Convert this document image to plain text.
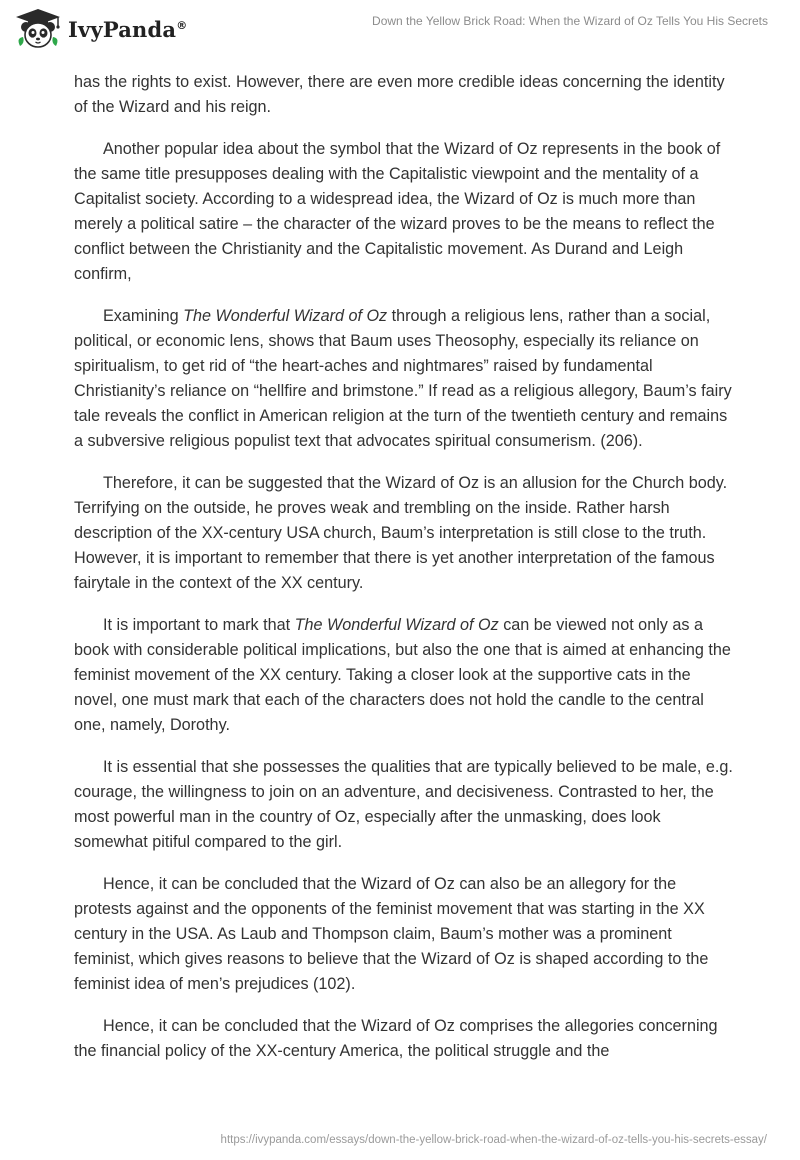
IvyPanda®	Down the Yellow Brick Road: When the Wizard of Oz Tells You His Secrets

has the rights to exist. However, there are even more credible ideas concerning the identity of the Wizard and his reign.

Another popular idea about the symbol that the Wizard of Oz represents in the book of the same title presupposes dealing with the Capitalistic viewpoint and the mentality of a Capitalist society. According to a widespread idea, the Wizard of Oz is much more than merely a political satire – the character of the wizard proves to be the means to reflect the conflict between the Christianity and the Capitalistic movement. As Durand and Leigh confirm,

Examining The Wonderful Wizard of Oz through a religious lens, rather than a social, political, or economic lens, shows that Baum uses Theosophy, especially its reliance on spiritualism, to get rid of “the heart-aches and nightmares” raised by fundamental Christianity’s reliance on “hellfire and brimstone.” If read as a religious allegory, Baum’s fairy tale reveals the conflict in American religion at the turn of the twentieth century and remains a subversive religious populist text that advocates spiritual consumerism. (206).

Therefore, it can be suggested that the Wizard of Oz is an allusion for the Church body. Terrifying on the outside, he proves weak and trembling on the inside. Rather harsh description of the XX-century USA church, Baum’s interpretation is still close to the truth. However, it is important to remember that there is yet another interpretation of the famous fairytale in the context of the XX century.

It is important to mark that The Wonderful Wizard of Oz can be viewed not only as a book with considerable political implications, but also the one that is aimed at enhancing the feminist movement of the XX century. Taking a closer look at the supportive cats in the novel, one must mark that each of the characters does not hold the candle to the central one, namely, Dorothy.

It is essential that she possesses the qualities that are typically believed to be male, e.g. courage, the willingness to join on an adventure, and decisiveness. Contrasted to her, the most powerful man in the country of Oz, especially after the unmasking, does look somewhat pitiful compared to the girl.

Hence, it can be concluded that the Wizard of Oz can also be an allegory for the protests against and the opponents of the feminist movement that was starting in the XX century in the USA. As Laub and Thompson claim, Baum’s mother was a prominent feminist, which gives reasons to believe that the Wizard of Oz is shaped according to the feminist idea of men’s prejudices (102).

Hence, it can be concluded that the Wizard of Oz comprises the allegories concerning the financial policy of the XX-century America, the political struggle and the

https://ivypanda.com/essays/down-the-yellow-brick-road-when-the-wizard-of-oz-tells-you-his-secrets-essay/
